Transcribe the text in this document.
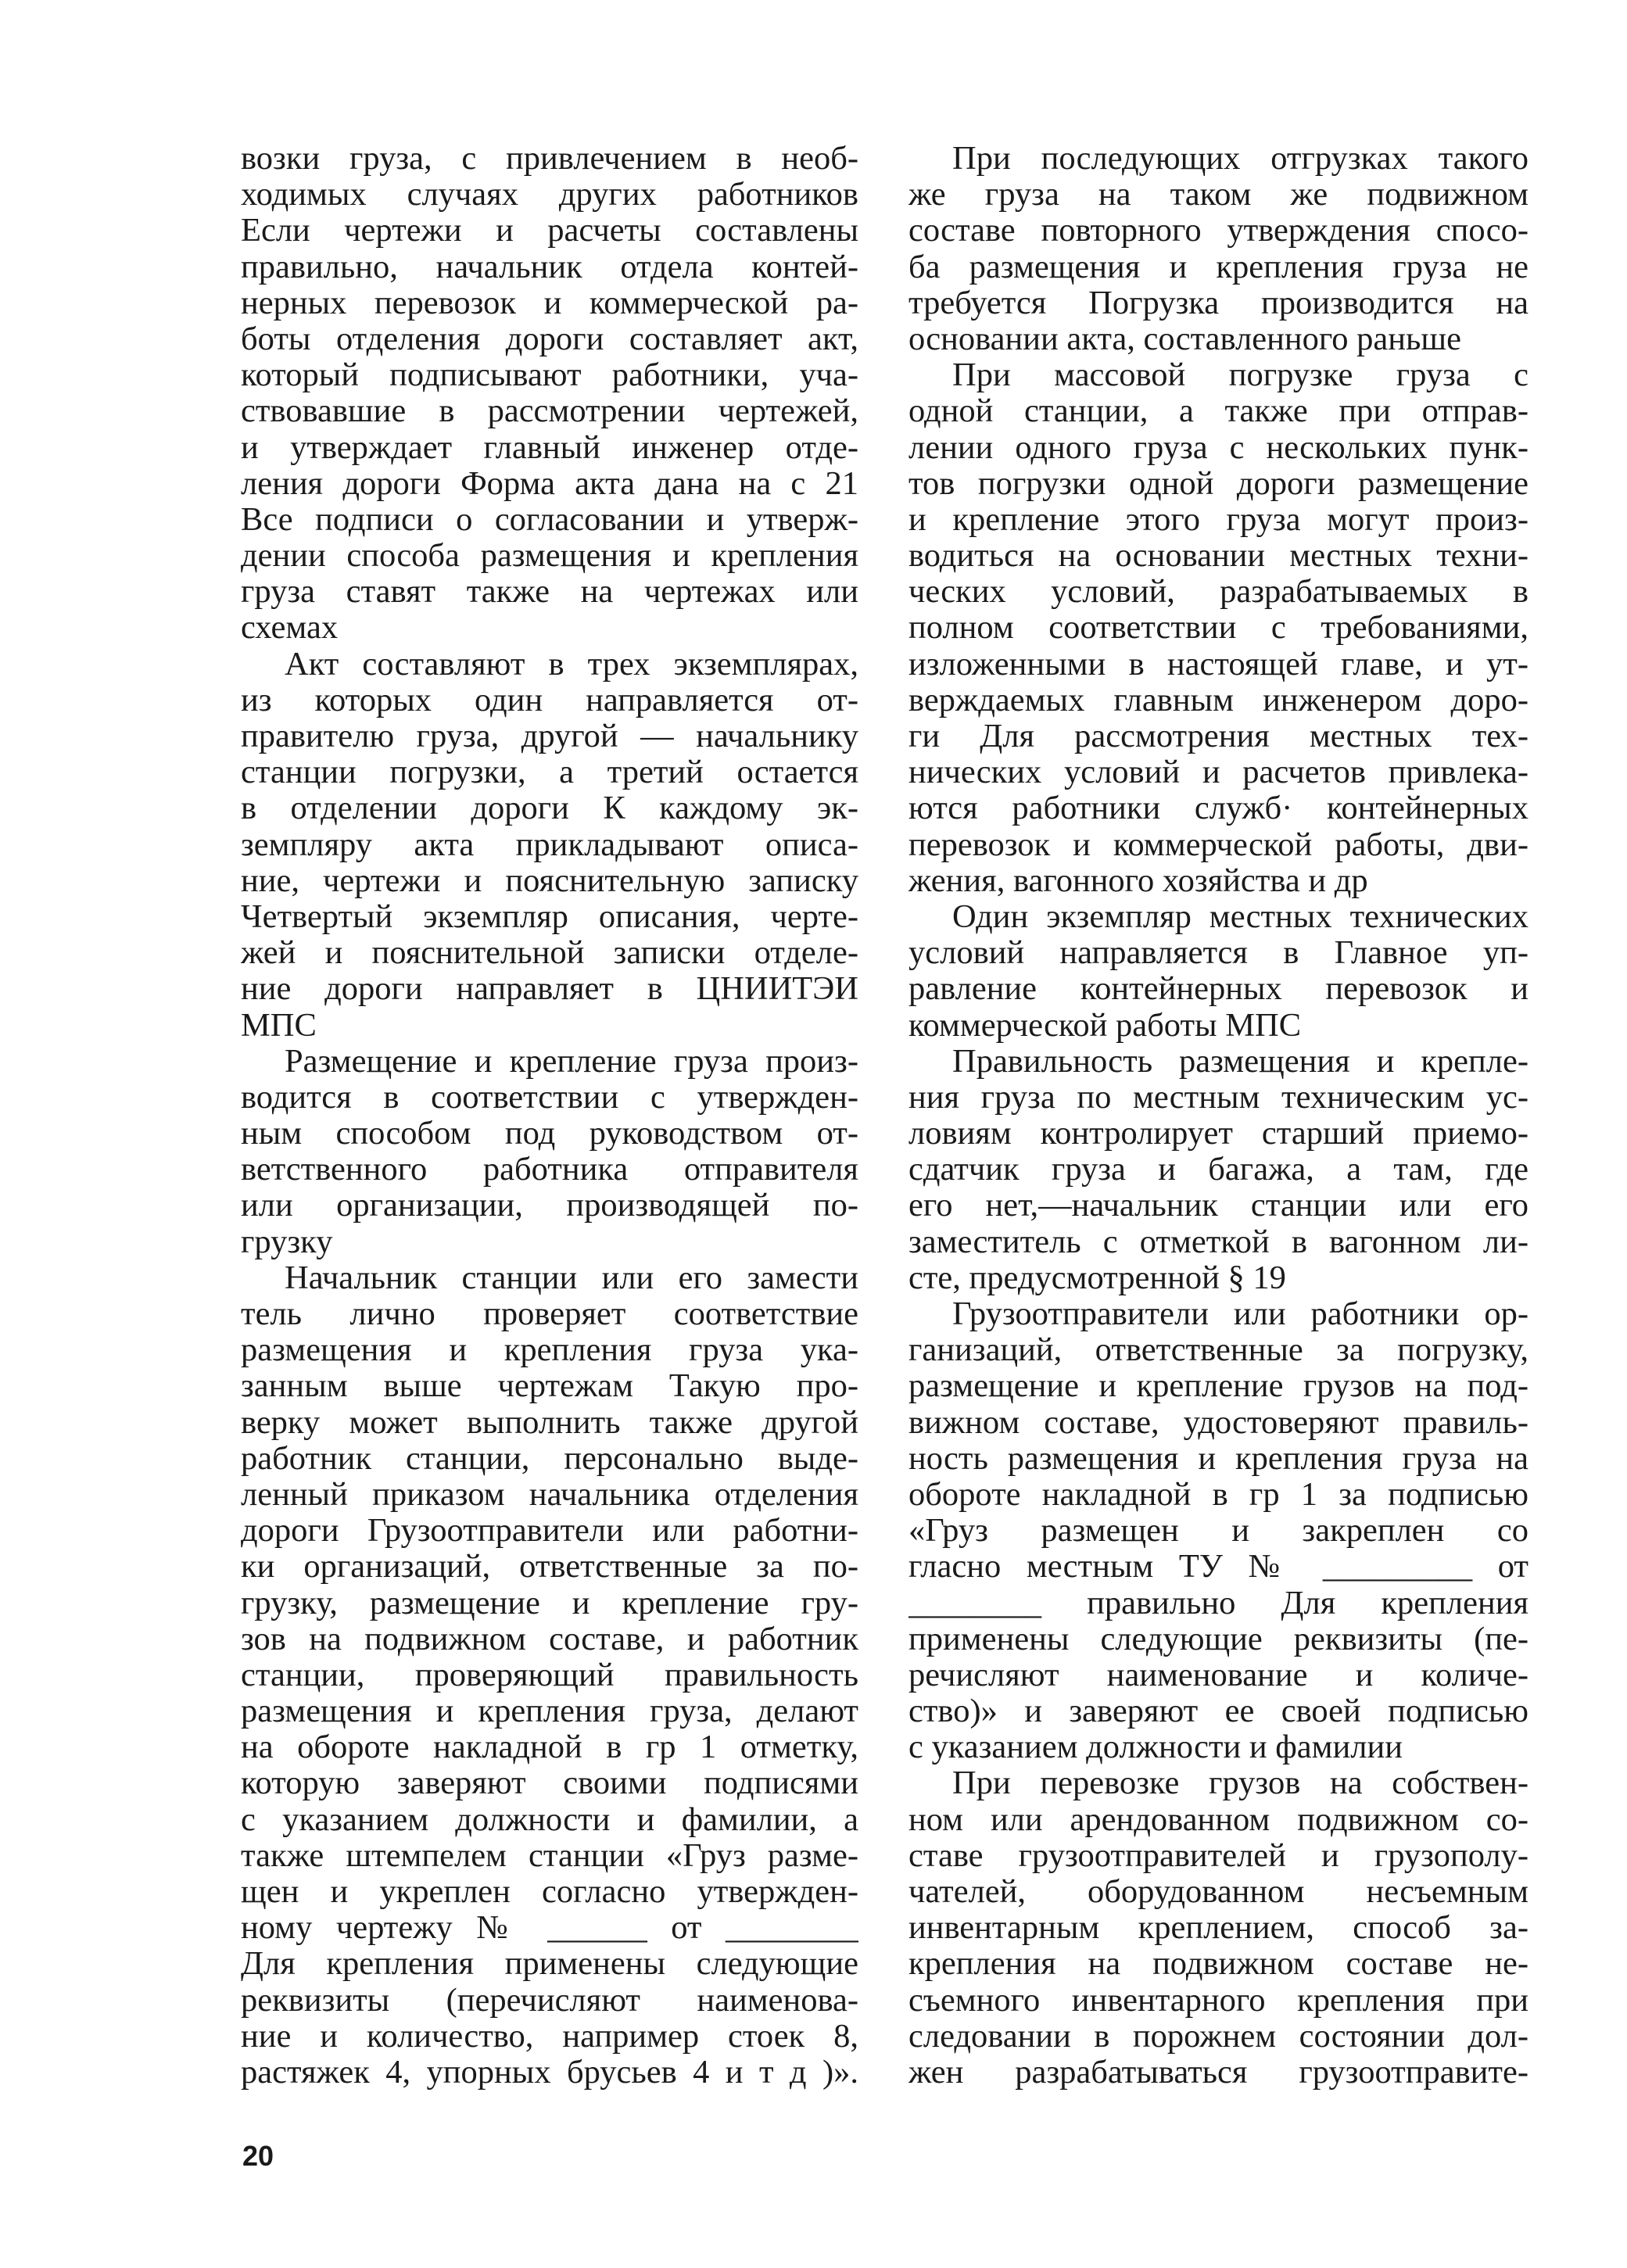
возки груза, с привлечением в необ-
ходимых случаях других работников
Если чертежи и расчеты составлены
правильно, начальник отдела контей-
нерных перевозок и коммерческой ра-
боты отделения дороги составляет акт,
который подписывают работники, уча-
ствовавшие в рассмотрении чертежей,
и утверждает главный инженер отде-
ления дороги Форма акта дана на с 21
Все подписи о согласовании и утверж-
дении способа размещения и крепления
груза ставят также на чертежах или
схемах
Акт составляют в трех экземплярах,
из которых один направляется от-
правителю груза, другой — начальнику
станции погрузки, а третий остается
в отделении дороги К каждому эк-
земпляру акта прикладывают описа-
ние, чертежи и пояснительную записку
Четвертый экземпляр описания, черте-
жей и пояснительной записки отделе-
ние дороги направляет в ЦНИИТЭИ
МПС
Размещение и крепление груза произ-
водится в соответствии с утвержден-
ным способом под руководством от-
ветственного работника отправителя
или организации, производящей по-
грузку
Начальник станции или его замести
тель лично проверяет соответствие
размещения и крепления груза ука-
занным выше чертежам Такую про-
верку может выполнить также другой
работник станции, персонально выде-
ленный приказом начальника отделения
дороги Грузоотправители или работни-
ки организаций, ответственные за по-
грузку, размещение и крепление гру-
зов на подвижном составе, и работник
станции, проверяющий правильность
размещения и крепления груза, делают
на обороте накладной в гр 1 отметку,
которую заверяют своими подписями
с указанием должности и фамилии, а
также штемпелем станции «Груз разме-
щен и укреплен согласно утвержден-
ному чертежу № ______ от ________
Для крепления применены следующие
реквизиты (перечисляют наименова-
ние и количество, например стоек 8,
растяжек 4, упорных брусьев 4 и т д )».
При последующих отгрузках такого
же груза на таком же подвижном
составе повторного утверждения спосо-
ба размещения и крепления груза не
требуется Погрузка производится на
основании акта, составленного раньше
При массовой погрузке груза с
одной станции, а также при отправ-
лении одного груза с нескольких пунк-
тов погрузки одной дороги размещение
и крепление этого груза могут произ-
водиться на основании местных техни-
ческих условий, разрабатываемых в
полном соответствии с требованиями,
изложенными в настоящей главе, и ут-
верждаемых главным инженером доро-
ги Для рассмотрения местных тех-
нических условий и расчетов привлека-
ются работники служб· контейнерных
перевозок и коммерческой работы, дви-
жения, вагонного хозяйства и др
Один экземпляр местных технических
условий направляется в Главное уп-
равление контейнерных перевозок и
коммерческой работы МПС
Правильность размещения и крепле-
ния груза по местным техническим ус-
ловиям контролирует старший приемо-
сдатчик груза и багажа, а там, где
его нет,—начальник станции или его
заместитель с отметкой в вагонном ли-
сте, предусмотренной § 19
Грузоотправители или работники ор-
ганизаций, ответственные за погрузку,
размещение и крепление грузов на под-
вижном составе, удостоверяют правиль-
ность размещения и крепления груза на
обороте накладной в гр 1 за подписью
«Груз размещен и закреплен со
гласно местным ТУ № _________ от
________ правильно Для крепления
применены следующие реквизиты (пе-
речисляют наименование и количе-
ство)» и заверяют ее своей подписью
с указанием должности и фамилии
При перевозке грузов на собствен-
ном или арендованном подвижном со-
ставе грузоотправителей и грузополу-
чателей, оборудованном несъемным
инвентарным креплением, способ за-
крепления на подвижном составе не-
съемного инвентарного крепления при
следовании в порожнем состоянии дол-
жен разрабатываться грузоотправите-
20
